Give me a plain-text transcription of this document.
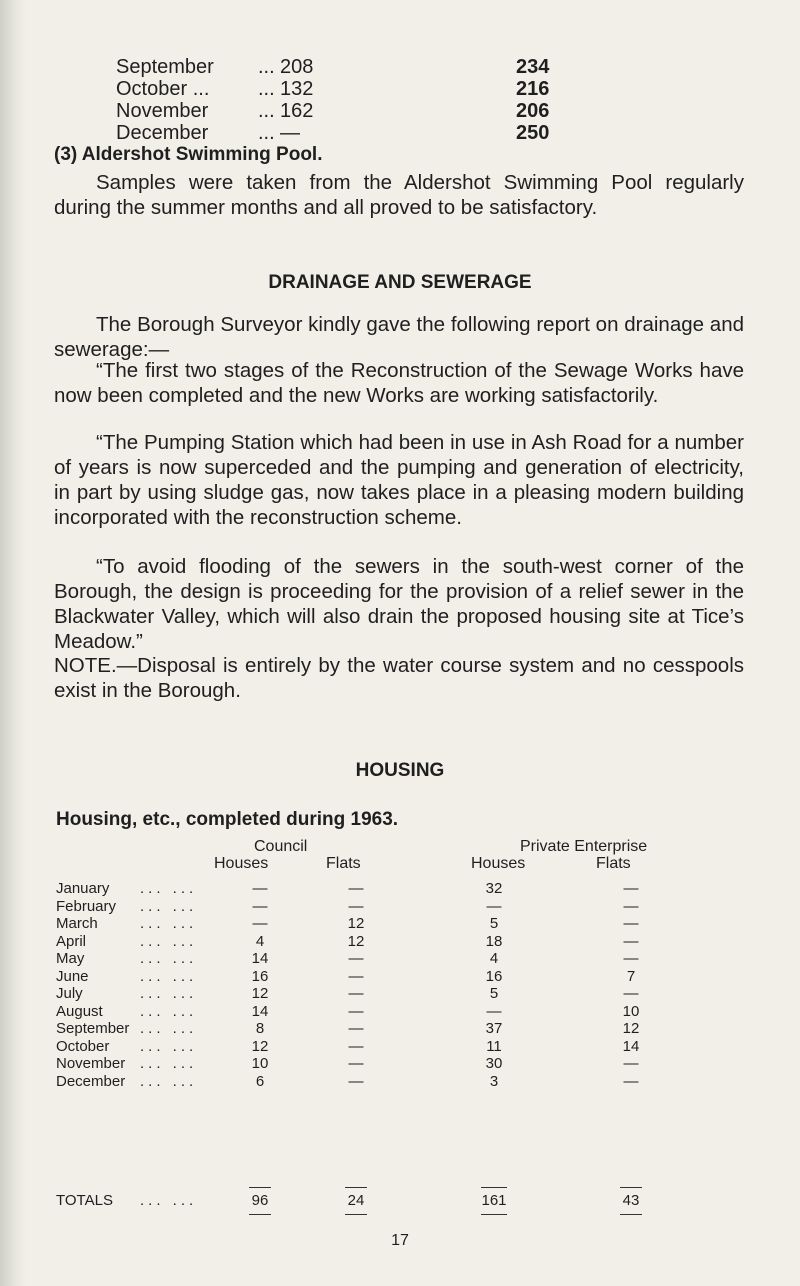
September ... 208	234
October ... ... 132	216
November ... 162	206
December ... —	250
(3) Aldershot Swimming Pool.

Samples were taken from the Aldershot Swimming Pool regularly during the summer months and all proved to be satisfactory.

DRAINAGE AND SEWERAGE

The Borough Surveyor kindly gave the following report on drainage and sewerage:—

“The first two stages of the Reconstruction of the Sewage Works have now been completed and the new Works are working satisfactorily.

“The Pumping Station which had been in use in Ash Road for a number of years is now superceded and the pumping and generation of electricity, in part by using sludge gas, now takes place in a pleasing modern building incorporated with the reconstruction scheme.

“To avoid flooding of the sewers in the south-west corner of the Borough, the design is proceeding for the provision of a relief sewer in the Blackwater Valley, which will also drain the proposed housing site at Tice’s Meadow.”

NOTE.—Disposal is entirely by the water course system and no cesspools exist in the Borough.

HOUSING
Housing, etc., completed during 1963.
Council	Private Enterprise
Houses	Flats	Houses	Flats
January ... ...	—	—	32	—
February ... ...	—	—	—	—
March	... ...	—	12	5	—
April	... ...	4	12	18	—
May	... ...	14	—	4	—
June	... ...	16	—	16	7
July	... ...	12	—	5	—
August ... ...	14	—	—	10
September ... ...	8	—	37	12
October ... ...	12	—	11	14
November ... ...	10	—	30	—
December ... ...	6	—	3	—
TOTALS ... ...	96	24	161	43
17
